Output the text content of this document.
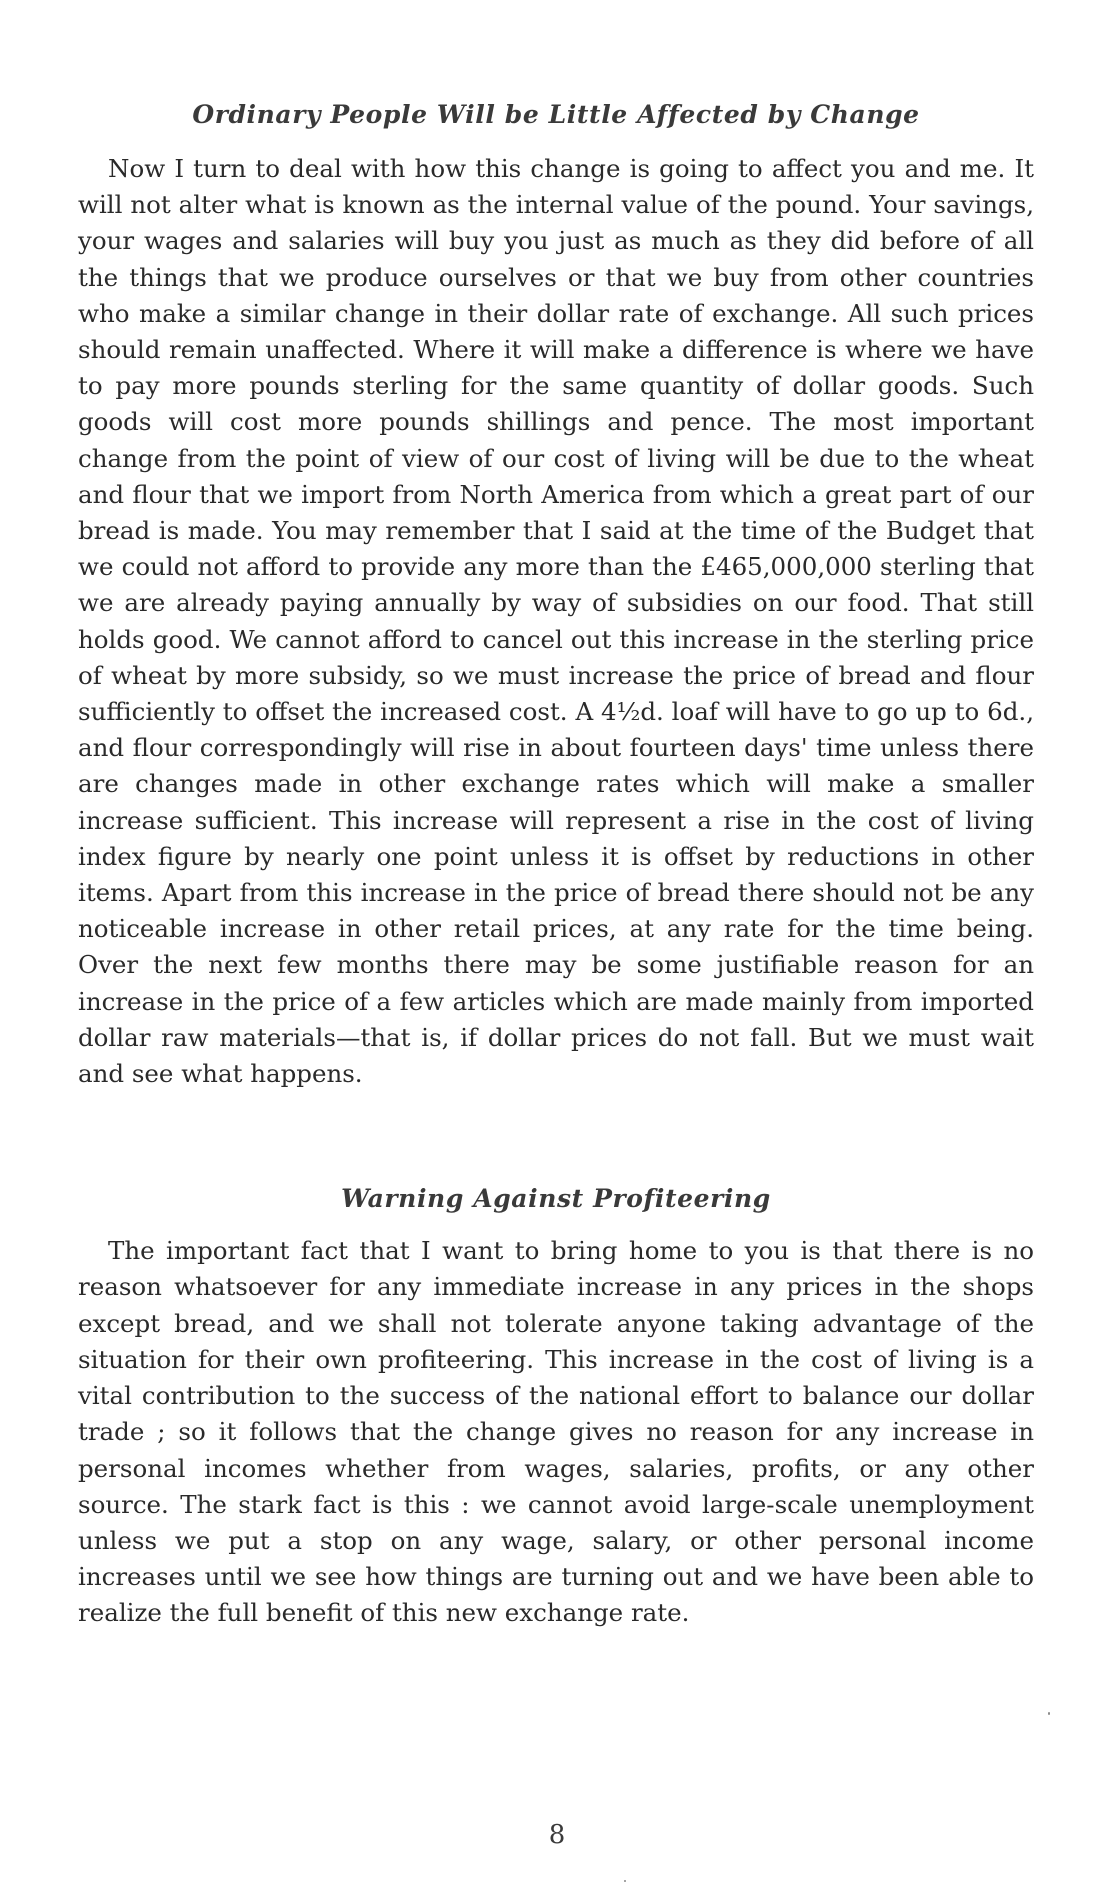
Ordinary People Will be Little Affected by Change

Now I turn to deal with how this change is going to affect you and me. It will not alter what is known as the internal value of the pound. Your savings, your wages and salaries will buy you just as much as they did before of all the things that we produce ourselves or that we buy from other countries who make a similar change in their dollar rate of exchange. All such prices should remain unaffected. Where it will make a difference is where we have to pay more pounds sterling for the same quantity of dollar goods. Such goods will cost more pounds shillings and pence. The most important change from the point of view of our cost of living will be due to the wheat and flour that we import from North America from which a great part of our bread is made. You may remember that I said at the time of the Budget that we could not afford to provide any more than the £465,000,000 sterling that we are already paying annually by way of subsidies on our food. That still holds good. We cannot afford to cancel out this increase in the sterling price of wheat by more subsidy, so we must increase the price of bread and flour sufficiently to offset the increased cost. A 4½d. loaf will have to go up to 6d., and flour correspondingly will rise in about fourteen days' time unless there are changes made in other exchange rates which will make a smaller increase sufficient. This increase will represent a rise in the cost of living index figure by nearly one point unless it is offset by reductions in other items. Apart from this increase in the price of bread there should not be any noticeable increase in other retail prices, at any rate for the time being. Over the next few months there may be some justifiable reason for an increase in the price of a few articles which are made mainly from imported dollar raw materials—that is, if dollar prices do not fall. But we must wait and see what happens.

Warning Against Profiteering

The important fact that I want to bring home to you is that there is no reason whatsoever for any immediate increase in any prices in the shops except bread, and we shall not tolerate anyone taking advantage of the situation for their own profiteering. This increase in the cost of living is a vital contribution to the success of the national effort to balance our dollar trade ; so it follows that the change gives no reason for any increase in personal incomes whether from wages, salaries, profits, or any other source. The stark fact is this : we cannot avoid large-scale unemployment unless we put a stop on any wage, salary, or other personal income increases until we see how things are turning out and we have been able to realize the full benefit of this new exchange rate.

8
